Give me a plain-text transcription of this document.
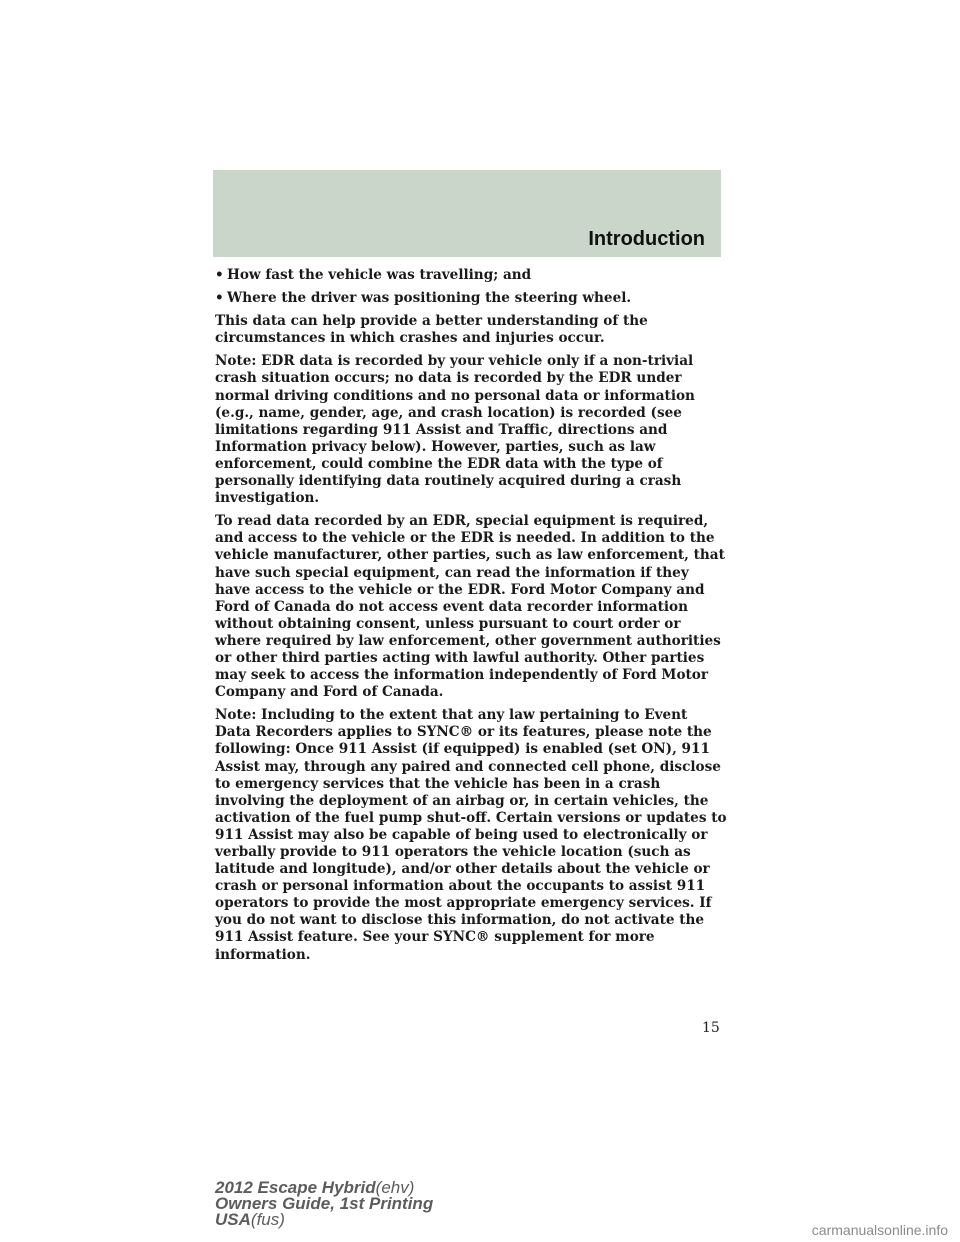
Introduction
• How fast the vehicle was travelling; and
• Where the driver was positioning the steering wheel.

This data can help provide a better understanding of the circumstances in which crashes and injuries occur.

Note: EDR data is recorded by your vehicle only if a non-trivial crash situation occurs; no data is recorded by the EDR under normal driving conditions and no personal data or information (e.g., name, gender, age, and crash location) is recorded (see limitations regarding 911 Assist and Traffic, directions and Information privacy below). However, parties, such as law enforcement, could combine the EDR data with the type of personally identifying data routinely acquired during a crash investigation.

To read data recorded by an EDR, special equipment is required, and access to the vehicle or the EDR is needed. In addition to the vehicle manufacturer, other parties, such as law enforcement, that have such special equipment, can read the information if they have access to the vehicle or the EDR. Ford Motor Company and Ford of Canada do not access event data recorder information without obtaining consent, unless pursuant to court order or where required by law enforcement, other government authorities or other third parties acting with lawful authority. Other parties may seek to access the information independently of Ford Motor Company and Ford of Canada.

Note: Including to the extent that any law pertaining to Event Data Recorders applies to SYNC® or its features, please note the following: Once 911 Assist (if equipped) is enabled (set ON), 911 Assist may, through any paired and connected cell phone, disclose to emergency services that the vehicle has been in a crash involving the deployment of an airbag or, in certain vehicles, the activation of the fuel pump shut-off. Certain versions or updates to 911 Assist may also be capable of being used to electronically or verbally provide to 911 operators the vehicle location (such as latitude and longitude), and/or other details about the vehicle or crash or personal information about the occupants to assist 911 operators to provide the most appropriate emergency services. If you do not want to disclose this information, do not activate the 911 Assist feature. See your SYNC® supplement for more information.

15
2012 Escape Hybrid(ehv)
Owners Guide, 1st Printing
USA(fus)
carmanualsonline.info
